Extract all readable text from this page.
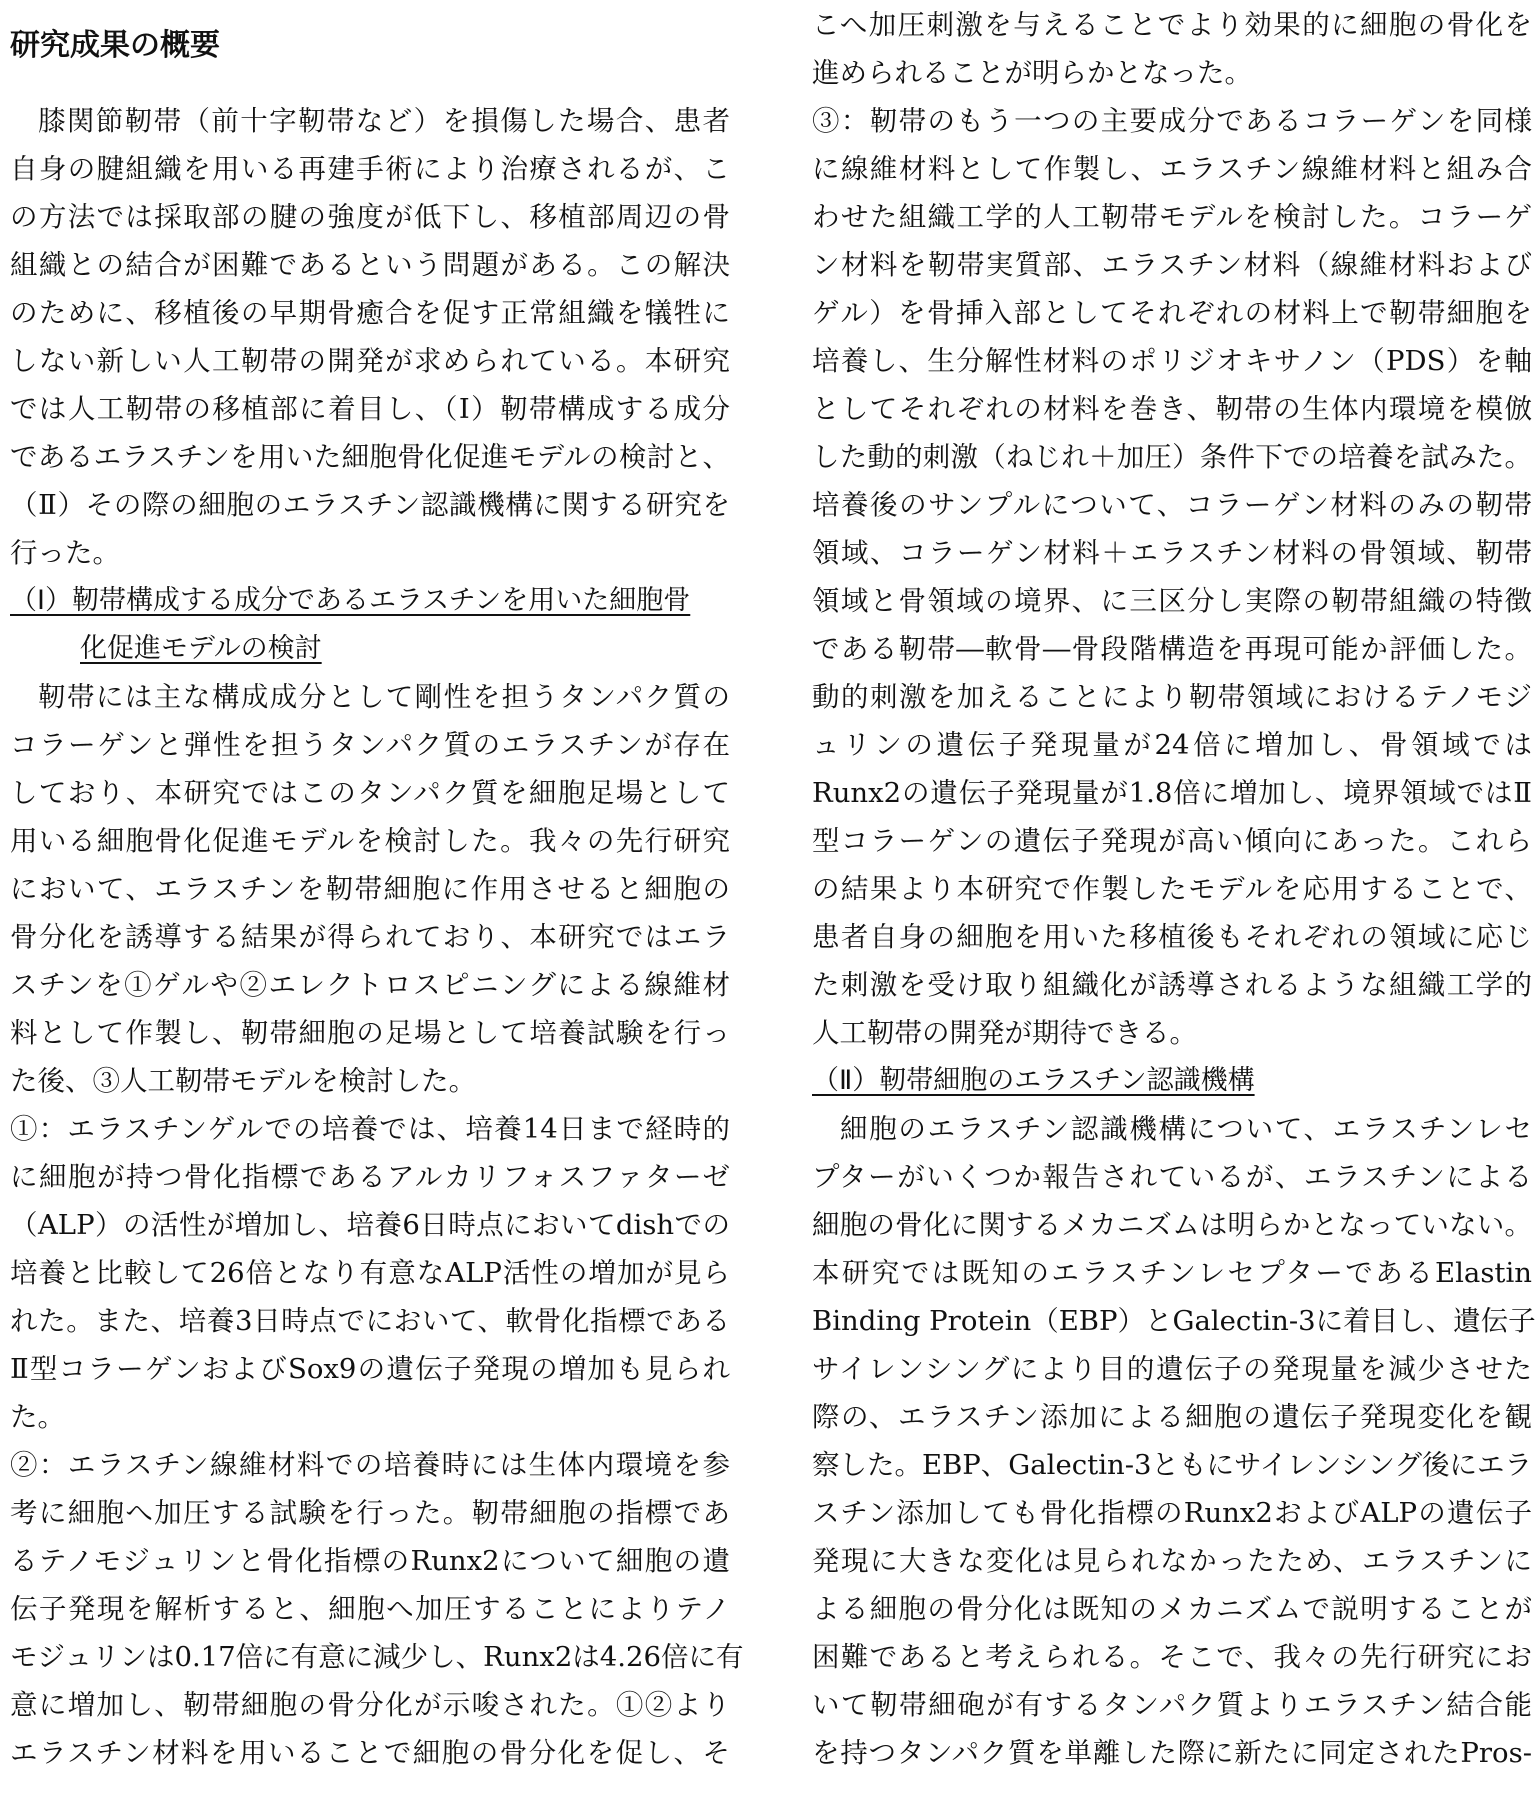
研究成果の概要
膝関節靭帯（前十字靭帯など）を損傷した場合、患者
自身の腱組織を用いる再建手術により治療されるが、こ
の方法では採取部の腱の強度が低下し、移植部周辺の骨
組織との結合が困難であるという問題がある。この解決
のために、移植後の早期骨癒合を促す正常組織を犠牲に
しない新しい人工靭帯の開発が求められている。本研究
では人工靭帯の移植部に着目し、（Ⅰ）靭帯構成する成分
であるエラスチンを用いた細胞骨化促進モデルの検討と、
（Ⅱ）その際の細胞のエラスチン認識機構に関する研究を
行った。
（Ⅰ）靭帯構成する成分であるエラスチンを用いた細胞骨
化促進モデルの検討
靭帯には主な構成成分として剛性を担うタンパク質の
コラーゲンと弾性を担うタンパク質のエラスチンが存在
しており、本研究ではこのタンパク質を細胞足場として
用いる細胞骨化促進モデルを検討した。我々の先行研究
において、エラスチンを靭帯細胞に作用させると細胞の
骨分化を誘導する結果が得られており、本研究ではエラ
スチンを①ゲルや②エレクトロスピニングによる線維材
料として作製し、靭帯細胞の足場として培養試験を行っ
た後、③人工靭帯モデルを検討した。
①：エラスチンゲルでの培養では、培養14日まで経時的
に細胞が持つ骨化指標であるアルカリフォスファターゼ
（ALP）の活性が増加し、培養6日時点においてdishでの
培養と比較して26倍となり有意なALP活性の増加が見ら
れた。また、培養3日時点でにおいて、軟骨化指標である
Ⅱ型コラーゲンおよびSox9の遺伝子発現の増加も見られ
た。
②：エラスチン線維材料での培養時には生体内環境を参
考に細胞へ加圧する試験を行った。靭帯細胞の指標であ
るテノモジュリンと骨化指標のRunx2について細胞の遺
伝子発現を解析すると、細胞へ加圧することによりテノ
モジュリンは0.17倍に有意に減少し、Runx2は4.26倍に有
意に増加し、靭帯細胞の骨分化が示唆された。①②より
エラスチン材料を用いることで細胞の骨分化を促し、そ
こへ加圧刺激を与えることでより効果的に細胞の骨化を
進められることが明らかとなった。
③：靭帯のもう一つの主要成分であるコラーゲンを同様
に線維材料として作製し、エラスチン線維材料と組み合
わせた組織工学的人工靭帯モデルを検討した。コラーゲ
ン材料を靭帯実質部、エラスチン材料（線維材料および
ゲル）を骨挿入部としてそれぞれの材料上で靭帯細胞を
培養し、生分解性材料のポリジオキサノン（PDS）を軸
としてそれぞれの材料を巻き、靭帯の生体内環境を模倣
した動的刺激（ねじれ＋加圧）条件下での培養を試みた。
培養後のサンプルについて、コラーゲン材料のみの靭帯
領域、コラーゲン材料＋エラスチン材料の骨領域、靭帯
領域と骨領域の境界、に三区分し実際の靭帯組織の特徴
である靭帯―軟骨―骨段階構造を再現可能か評価した。
動的刺激を加えることにより靭帯領域におけるテノモジ
ュリンの遺伝子発現量が24倍に増加し、骨領域では
Runx2の遺伝子発現量が1.8倍に増加し、境界領域ではⅡ
型コラーゲンの遺伝子発現が高い傾向にあった。これら
の結果より本研究で作製したモデルを応用することで、
患者自身の細胞を用いた移植後もそれぞれの領域に応じ
た刺激を受け取り組織化が誘導されるような組織工学的
人工靭帯の開発が期待できる。
（Ⅱ）靭帯細胞のエラスチン認識機構
細胞のエラスチン認識機構について、エラスチンレセ
プターがいくつか報告されているが、エラスチンによる
細胞の骨化に関するメカニズムは明らかとなっていない。
本研究では既知のエラスチンレセプターであるElastin
Binding Protein（EBP）とGalectin-3に着目し、遺伝子
サイレンシングにより目的遺伝子の発現量を減少させた
際の、エラスチン添加による細胞の遺伝子発現変化を観
察した。EBP、Galectin-3ともにサイレンシング後にエラ
スチン添加しても骨化指標のRunx2およびALPの遺伝子
発現に大きな変化は見られなかったため、エラスチンに
よる細胞の骨分化は既知のメカニズムで説明することが
困難であると考えられる。そこで、我々の先行研究にお
いて靭帯細砲が有するタンパク質よりエラスチン結合能
を持つタンパク質を単離した際に新たに同定されたPros-
